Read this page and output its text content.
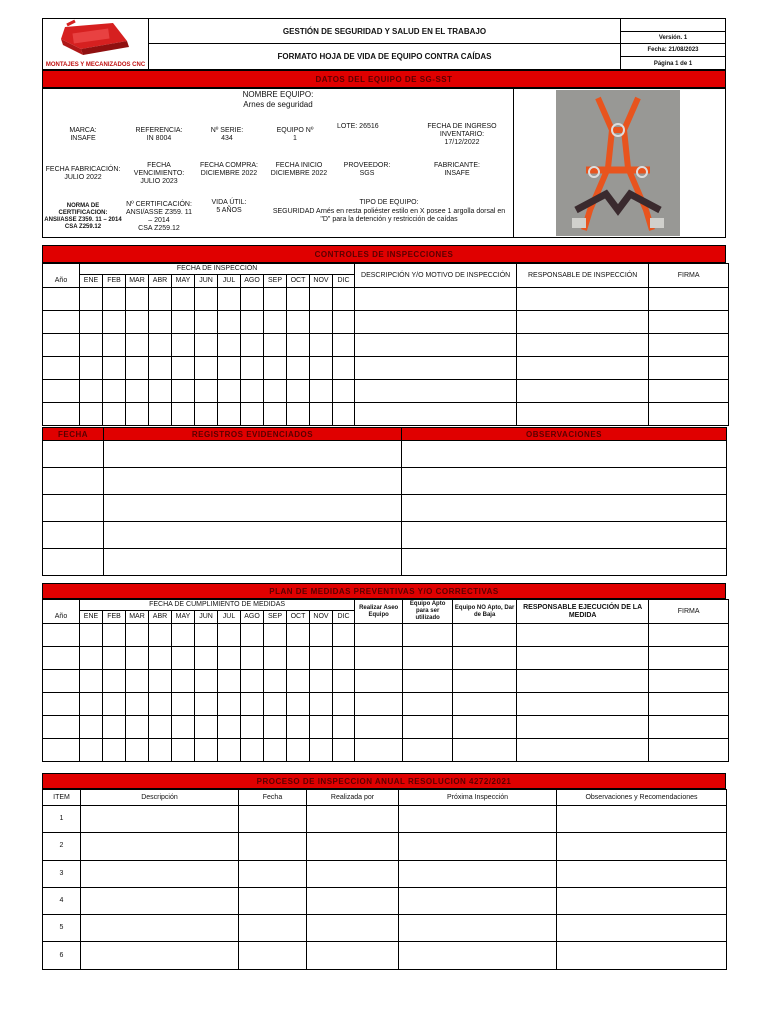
MONTAJES Y MECANIZADOS CNC
GESTIÓN DE SEGURIDAD Y SALUD EN EL TRABAJO
FORMATO HOJA DE VIDA DE EQUIPO CONTRA CAÍDAS
Versión. 1
Fecha: 21/08/2023
Página 1 de 1
DATOS DEL EQUIPO DE SG-SST
NOMBRE EQUIPO:
Arnes de seguridad
MARCA:
INSAFE
REFERENCIA:
IN 8004
Nº SERIE:
434
EQUIPO Nº
1
LOTE: 26516	FECHA DE INGRESO INVENTARIO:
17/12/2022
FECHA FABRICACIÓN:
JULIO 2022
FECHA VENCIMIENTO:
JULIO 2023
FECHA COMPRA:
DICIEMBRE 2022
FECHA INICIO
DICIEMBRE 2022
PROVEEDOR:
SGS
FABRICANTE:
INSAFE
NORMA DE CERTIFICACION:
ANSI/ASSE Z359. 11 – 2014
CSA Z259.12
Nº CERTIFICACIÓN:
ANSI/ASSE Z359. 11 – 2014
CSA Z259.12
VIDA ÚTIL:
5 AÑOS
TIPO DE EQUIPO:
SEGURIDAD Arnés en resta poliéster estilo en X posee 1 argolla dorsal en "D" para la detención y restricción de caídas
CONTROLES DE INSPECCIONES
Año	FECHA DE INSPECCIÓN												DESCRIPCIÓN Y/O MOTIVO DE INSPECCIÓN	RESPONSABLE DE INSPECCIÓN	FIRMA
	ENE	FEB	MAR	ABR	MAY	JUN	JUL	AGO	SEP	OCT	NOV	DIC			

FECHA	REGISTROS EVIDENCIADOS	OBSERVACIONES

PLAN DE MEDIDAS PREVENTIVAS Y/O CORRECTIVAS
Año	FECHA DE CUMPLIMIENTO DE MEDIDAS												Realizar Aseo Equipo	Equipo Apto para ser utilizado	Equipo NO Apto, Dar de Baja	RESPONSABLE EJECUCIÓN DE LA MEDIDA	FIRMA
	ENE	FEB	MAR	ABR	MAY	JUN	JUL	AGO	SEP	OCT	NOV	DIC					

PROCESO DE INSPECCION ANUAL RESOLUCION 4272/2021
ITEM	Descripción	Fecha	Realizada por	Próxima Inspección	Observaciones y Recomendaciones
1					
2					
3					
4					
5					
6					
